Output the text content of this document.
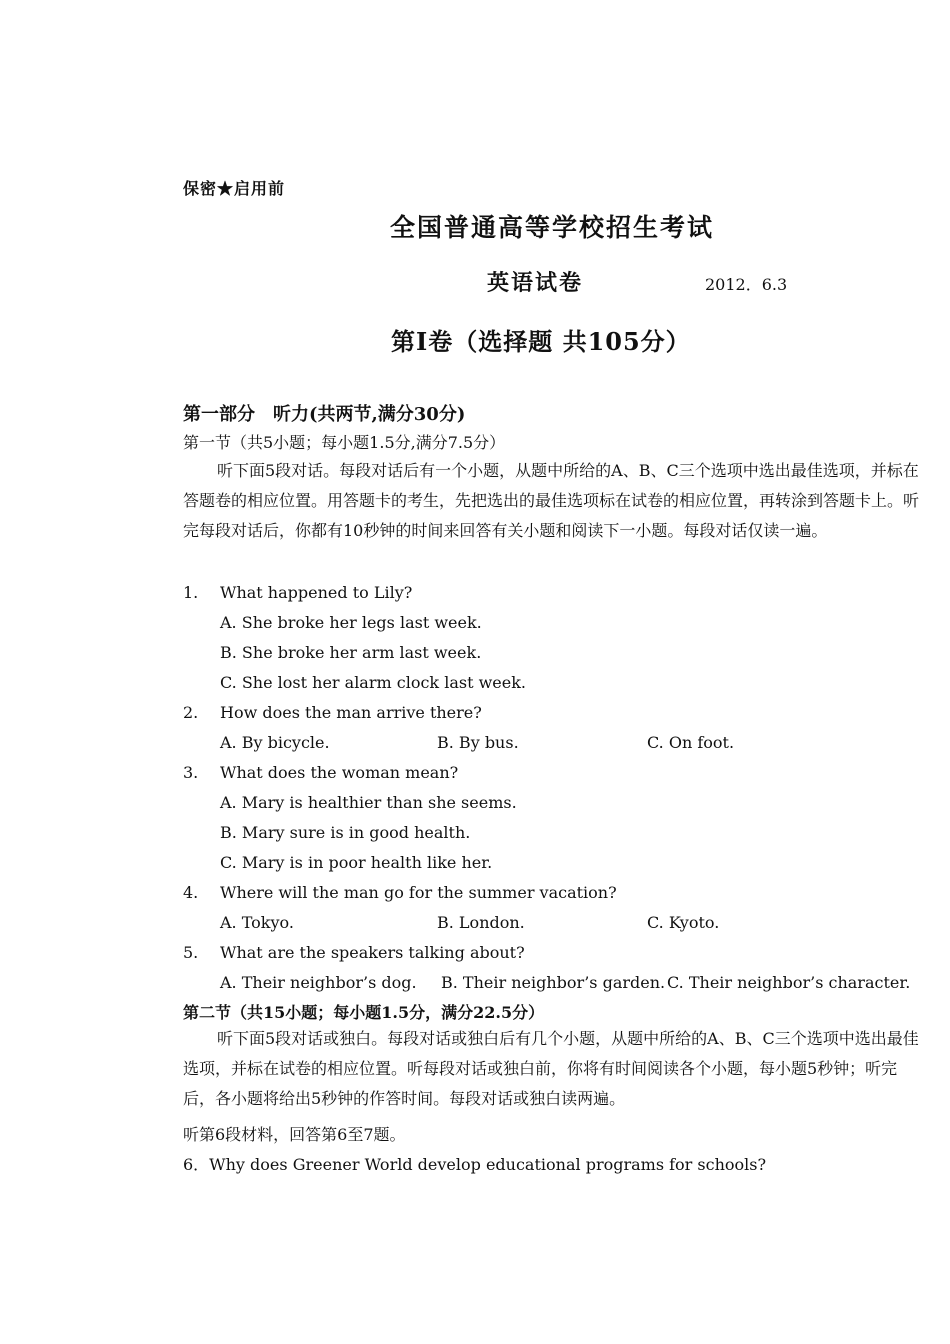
保密★启用前
全国普通高等学校招生考试
英语试卷	2012．6.3
第Ⅰ卷（选择题 共105分）
第一部分　听力(共两节,满分30分)
第一节（共5小题；每小题1.5分,满分7.5分）
听下面5段对话。每段对话后有一个小题，从题中所给的A、B、C三个选项中选出最佳选项，并标在答题卷的相应位置。用答题卡的考生，先把选出的最佳选项标在试卷的相应位置，再转涂到答题卡上。听完每段对话后，你都有10秒钟的时间来回答有关小题和阅读下一小题。每段对话仅读一遍。
1. What happened to Lily?
A. She broke her legs last week.
B. She broke her arm last week.
C. She lost her alarm clock last week.
2. How does the man arrive there?
A. By bicycle.	B. By bus.	C. On foot.
3. What does the woman mean?
A. Mary is healthier than she seems.
B. Mary sure is in good health.
C. Mary is in poor health like her.
4. Where will the man go for the summer vacation?
A. Tokyo.	B. London.	C. Kyoto.
5. What are the speakers talking about?
A. Their neighbor’s dog. B. Their neighbor’s garden. C. Their neighbor’s character.
第二节（共15小题；每小题1.5分，满分22.5分）
听下面5段对话或独白。每段对话或独白后有几个小题，从题中所给的A、B、C三个选项中选出最佳选项，并标在试卷的相应位置。听每段对话或独白前，你将有时间阅读各个小题，每小题5秒钟；听完后，各小题将给出5秒钟的作答时间。每段对话或独白读两遍。
听第6段材料，回答第6至7题。
6．Why does Greener World develop educational programs for schools?
